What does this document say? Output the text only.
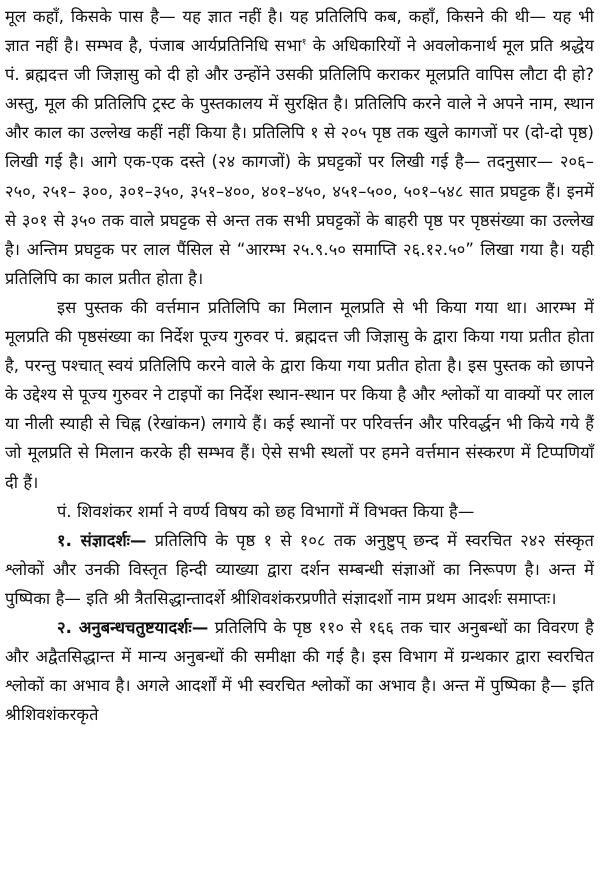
मूल कहाँ, किसके पास है— यह ज्ञात नहीं है। यह प्रतिलिपि कब, कहाँ, किसने की थी— यह भी ज्ञात नहीं है। सम्भव है, पंजाब आर्यप्रतिनिधि सभा$^१$ के अधिकारियों ने अवलोकनार्थ मूल प्रति श्रद्धेय पं. ब्रह्मदत्त जी जिज्ञासु को दी हो और उन्होंने उसकी प्रतिलिपि कराकर मूलप्रति वापिस लौटा दी हो? अस्तु, मूल की प्रतिलिपि ट्रस्ट के पुस्तकालय में सुरक्षित है। प्रतिलिपि करने वाले ने अपने नाम, स्थान और काल का उल्लेख कहीं नहीं किया है। प्रतिलिपि १ से २०५ पृष्ठ तक खुले कागजों पर (दो-दो पृष्ठ) लिखी गई है। आगे एक-एक दस्ते (२४ कागजों) के प्रघट्टकों पर लिखी गई है— तदनुसार— २०६–२५०, २५१– ३००, ३०१–३५०, ३५१–४००, ४०१–४५०, ४५१–५००, ५०१–५४८ सात प्रघट्टक हैं। इनमें से ३०१ से ३५० तक वाले प्रघट्टक से अन्त तक सभी प्रघट्टकों के बाहरी पृष्ठ पर पृष्ठसंख्या का उल्लेख है। अन्तिम प्रघट्टक पर लाल पैंसिल से “आरम्भ २५.९.५० समाप्ति २६.१२.५०” लिखा गया है। यही प्रतिलिपि का काल प्रतीत होता है।

इस पुस्तक की वर्त्तमान प्रतिलिपि का मिलान मूलप्रति से भी किया गया था। आरम्भ में मूलप्रति की पृष्ठसंख्या का निर्देश पूज्य गुरुवर पं. ब्रह्मदत्त जी जिज्ञासु के द्वारा किया गया प्रतीत होता है, परन्तु पश्चात् स्वयं प्रतिलिपि करने वाले के द्वारा किया गया प्रतीत होता है। इस पुस्तक को छापने के उद्देश्य से पूज्य गुरुवर ने टाइपों का निर्देश स्थान-स्थान पर किया है और श्लोकों या वाक्यों पर लाल या नीली स्याही से चिह्न (रेखांकन) लगाये हैं। कई स्थानों पर परिवर्त्तन और परिवर्द्धन भी किये गये हैं जो मूलप्रति से मिलान करके ही सम्भव हैं। ऐसे सभी स्थलों पर हमने वर्त्तमान संस्करण में टिप्पणियाँ दी हैं।

पं. शिवशंकर शर्मा ने वर्ण्य विषय को छह विभागों में विभक्त किया है—

१. संज्ञादर्शः— प्रतिलिपि के पृष्ठ १ से १०८ तक अनुष्टुप् छन्द में स्वरचित २४२ संस्कृत श्लोकों और उनकी विस्तृत हिन्दी व्याख्या द्वारा दर्शन सम्बन्धी संज्ञाओं का निरूपण है। अन्त में पुष्पिका है— इति श्री त्रैतसिद्धान्तादर्शे श्रीशिवशंकरप्रणीते संज्ञादर्शो नाम प्रथम आदर्शः समाप्तः।

२. अनुबन्धचतुष्टयादर्शः— प्रतिलिपि के पृष्ठ ११० से १६६ तक चार अनुबन्धों का विवरण है और अद्वैतसिद्धान्त में मान्य अनुबन्धों की समीक्षा की गई है। इस विभाग में ग्रन्थकार द्वारा स्वरचित श्लोकों का अभाव है। अगले आदर्शों में भी स्वरचित श्लोकों का अभाव है। अन्त में पुष्पिका है— इति श्रीशिवशंकरकृते
